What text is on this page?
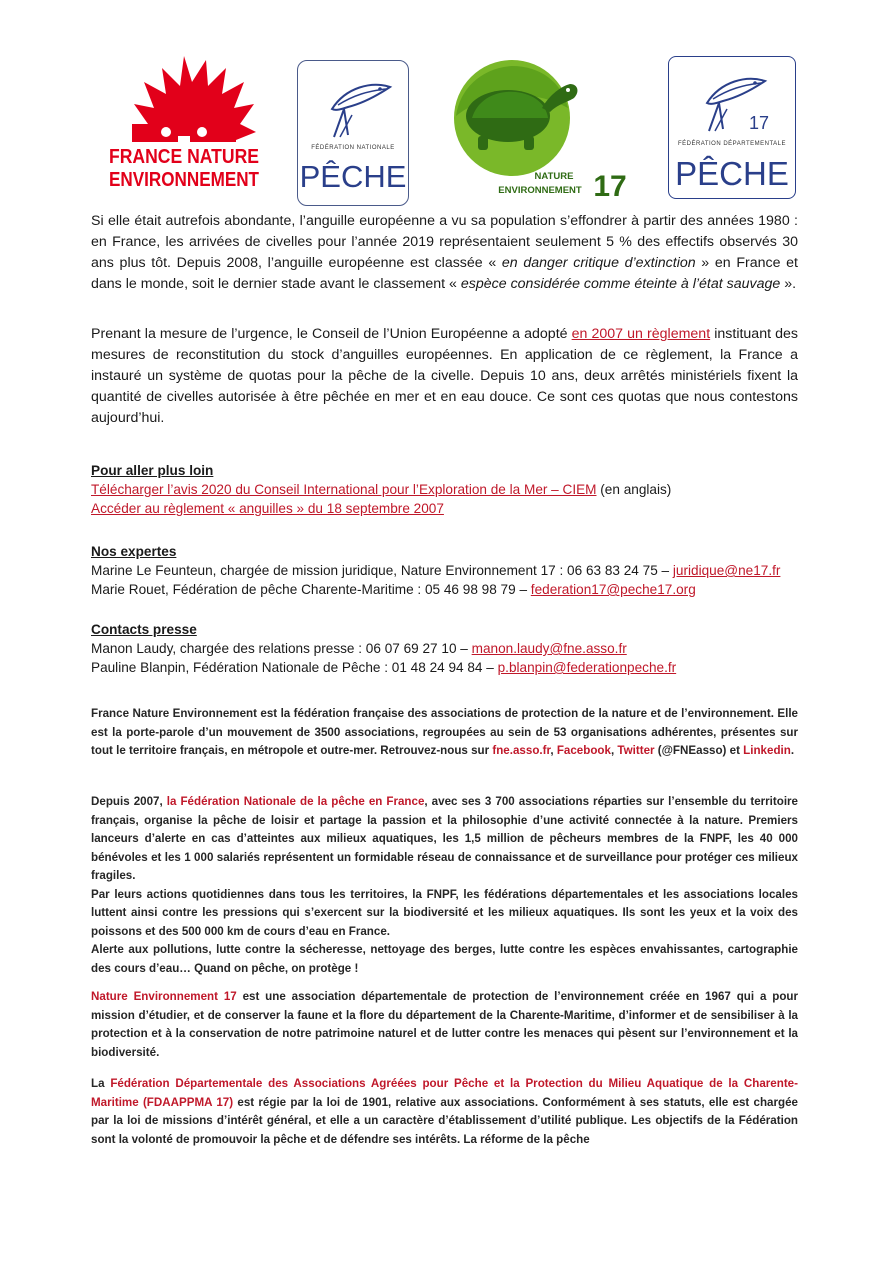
FRANCE NATURE
ENVIRONNEMENT
FÉDÉRATION NATIONALE
PÊCHE	NATURE
ENVIRONNEMENT 17
17
FÉDÉRATION DÉPARTEMENTALE
PÊCHE

Si elle était autrefois abondante, l’anguille européenne a vu sa population s’effondrer à partir des années 1980 : en France, les arrivées de civelles pour l’année 2019 représentaient seulement 5 % des effectifs observés 30 ans plus tôt. Depuis 2008, l’anguille européenne est classée « en danger critique d’extinction » en France et dans le monde, soit le dernier stade avant le classement « espèce considérée comme éteinte à l’état sauvage ».

Prenant la mesure de l’urgence, le Conseil de l’Union Européenne a adopté en 2007 un règlement instituant des mesures de reconstitution du stock d’anguilles européennes. En application de ce règlement, la France a instauré un système de quotas pour la pêche de la civelle. Depuis 10 ans, deux arrêtés ministériels fixent la quantité de civelles autorisée à être pêchée en mer et en eau douce. Ce sont ces quotas que nous contestons aujourd’hui.

Pour aller plus loin
Télécharger l’avis 2020 du Conseil International pour l’Exploration de la Mer – CIEM (en anglais)
Accéder au règlement « anguilles » du 18 septembre 2007
Nos expertes
Marine Le Feunteun, chargée de mission juridique, Nature Environnement 17 : 06 63 83 24 75 – juridique@ne17.fr
Marie Rouet, Fédération de pêche Charente-Maritime : 05 46 98 98 79 – federation17@peche17.org
Contacts presse
Manon Laudy, chargée des relations presse : 06 07 69 27 10 – manon.laudy@fne.asso.fr
Pauline Blanpin, Fédération Nationale de Pêche : 01 48 24 94 84 – p.blanpin@federationpeche.fr

France Nature Environnement est la fédération française des associations de protection de la nature et de l’environnement. Elle est la porte-parole d’un mouvement de 3500 associations, regroupées au sein de 53 organisations adhérentes, présentes sur tout le territoire français, en métropole et outre-mer. Retrouvez-nous sur fne.asso.fr, Facebook, Twitter (@FNEasso) et Linkedin.

Depuis 2007, la Fédération Nationale de la pêche en France, avec ses 3 700 associations réparties sur l’ensemble du territoire français, organise la pêche de loisir et partage la passion et la philosophie d’une activité connectée à la nature. Premiers lanceurs d’alerte en cas d’atteintes aux milieux aquatiques, les 1,5 million de pêcheurs membres de la FNPF, les 40 000 bénévoles et les 1 000 salariés représentent un formidable réseau de connaissance et de surveillance pour protéger ces milieux fragiles.
Par leurs actions quotidiennes dans tous les territoires, la FNPF, les fédérations départementales et les associations locales luttent ainsi contre les pressions qui s’exercent sur la biodiversité et les milieux aquatiques. Ils sont les yeux et la voix des poissons et des 500 000 km de cours d’eau en France.
Alerte aux pollutions, lutte contre la sécheresse, nettoyage des berges, lutte contre les espèces envahissantes, cartographie des cours d’eau… Quand on pêche, on protège !

Nature Environnement 17 est une association départementale de protection de l’environnement créée en 1967 qui a pour mission d’étudier, et de conserver la faune et la flore du département de la Charente-Maritime, d’informer et de sensibiliser à la protection et à la conservation de notre patrimoine naturel et de lutter contre les menaces qui pèsent sur l’environnement et la biodiversité.

La Fédération Départementale des Associations Agréées pour Pêche et la Protection du Milieu Aquatique de la Charente-Maritime (FDAAPPMA 17) est régie par la loi de 1901, relative aux associations. Conformément à ses statuts, elle est chargée par la loi de missions d’intérêt général, et elle a un caractère d’établissement d’utilité publique. Les objectifs de la Fédération sont la volonté de promouvoir la pêche et de défendre ses intérêts. La réforme de la pêche
